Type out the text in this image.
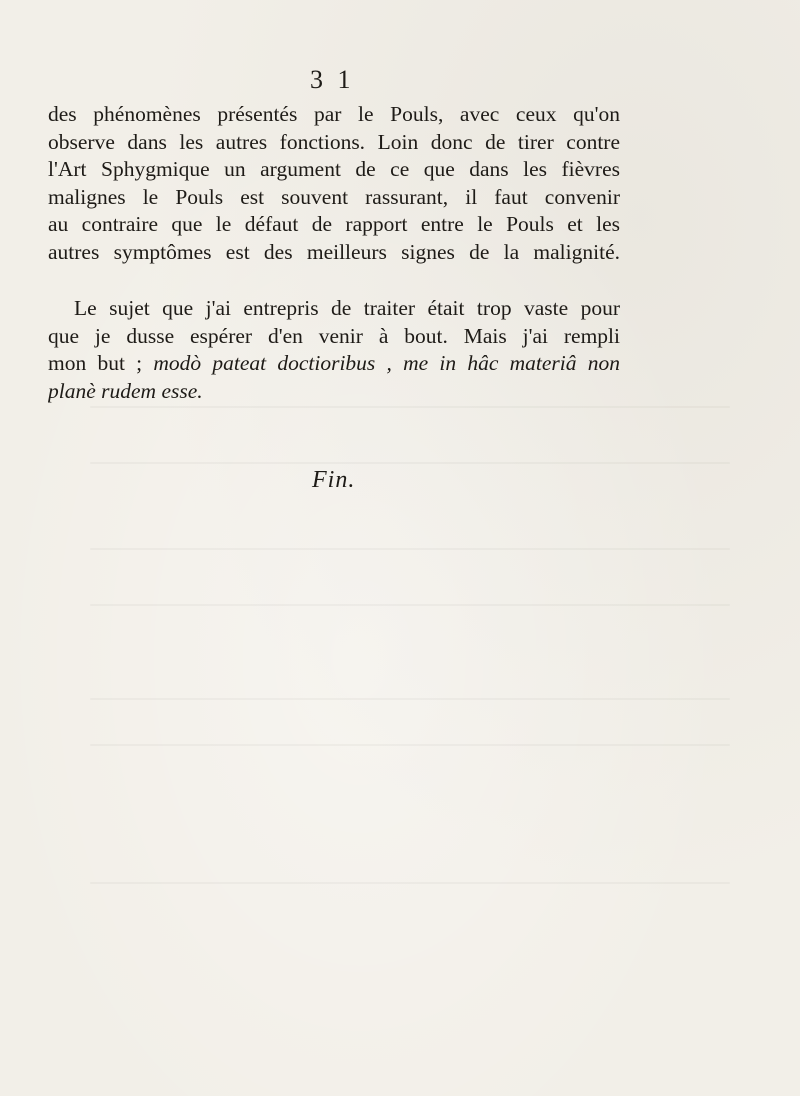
3 1
des phénomènes présentés par le Pouls, avec ceux qu'on
observe dans les autres fonctions. Loin donc de tirer contre
l'Art Sphygmique un argument de ce que dans les fièvres
malignes le Pouls est souvent rassurant, il faut convenir
au contraire que le défaut de rapport entre le Pouls et les
autres symptômes est des meilleurs signes de la malignité.
Le sujet que j'ai entrepris de traiter était trop vaste pour
que je dusse espérer d'en venir à bout. Mais j'ai rempli
mon but ; modò pateat doctioribus , me in hâc materiâ non
planè rudem esse.
Fin.
